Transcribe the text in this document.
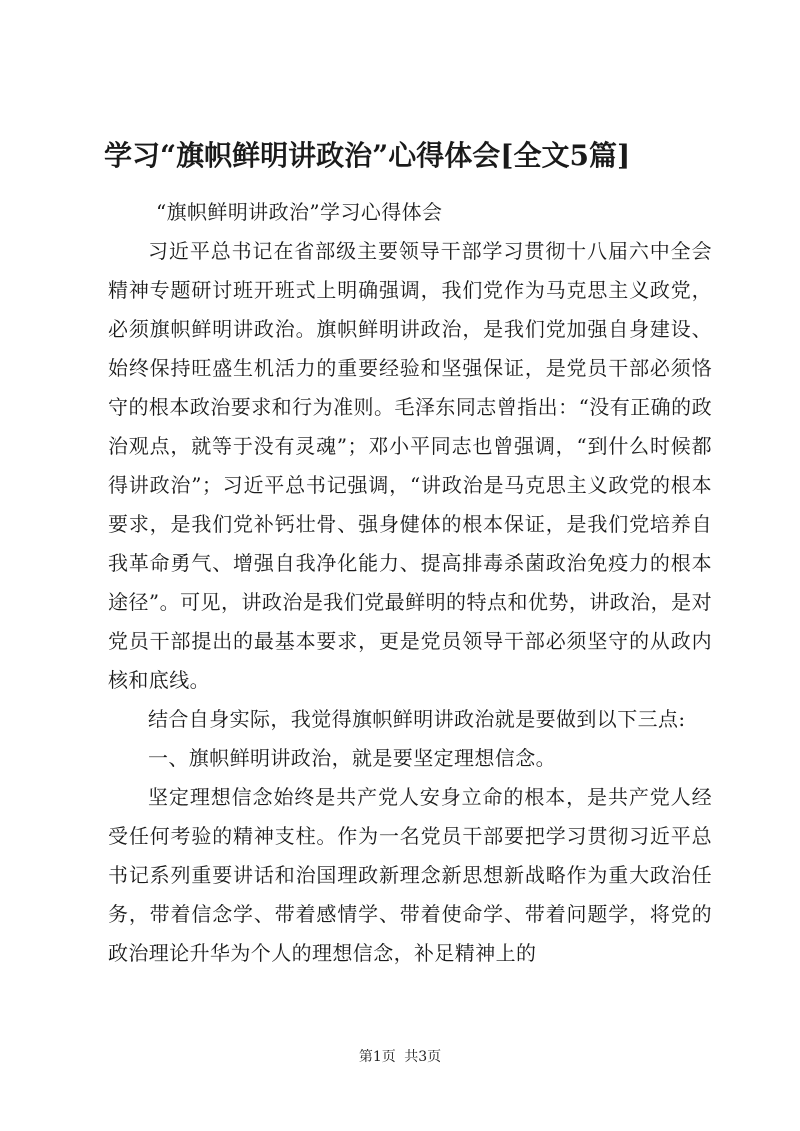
学习“旗帜鲜明讲政治”心得体会[全文5篇]

“旗帜鲜明讲政治”学习心得体会

习近平总书记在省部级主要领导干部学习贯彻十八届六中全会精神专题研讨班开班式上明确强调，我们党作为马克思主义政党，必须旗帜鲜明讲政治。旗帜鲜明讲政治，是我们党加强自身建设、始终保持旺盛生机活力的重要经验和坚强保证，是党员干部必须恪守的根本政治要求和行为准则。毛泽东同志曾指出：“没有正确的政治观点，就等于没有灵魂”；邓小平同志也曾强调，“到什么时候都得讲政治”；习近平总书记强调，“讲政治是马克思主义政党的根本要求，是我们党补钙壮骨、强身健体的根本保证，是我们党培养自我革命勇气、增强自我净化能力、提高排毒杀菌政治免疫力的根本途径”。可见，讲政治是我们党最鲜明的特点和优势，讲政治，是对党员干部提出的最基本要求，更是党员领导干部必须坚守的从政内核和底线。

结合自身实际，我觉得旗帜鲜明讲政治就是要做到以下三点:

一、旗帜鲜明讲政治，就是要坚定理想信念。

坚定理想信念始终是共产党人安身立命的根本，是共产党人经受任何考验的精神支柱。作为一名党员干部要把学习贯彻习近平总书记系列重要讲话和治国理政新理念新思想新战略作为重大政治任务，带着信念学、带着感情学、带着使命学、带着问题学，将党的政治理论升华为个人的理想信念，补足精神上的

第1页 共3页
